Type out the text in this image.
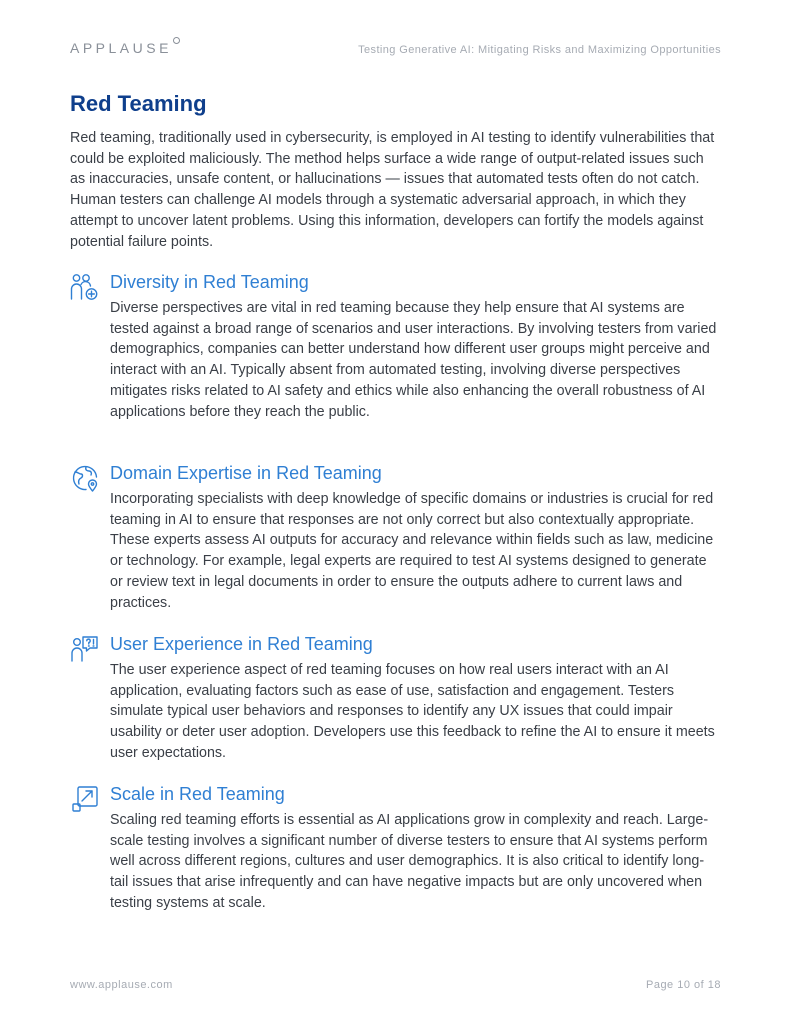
APPLAUSE	Testing Generative AI: Mitigating Risks and Maximizing Opportunities
Red Teaming

Red teaming, traditionally used in cybersecurity, is employed in AI testing to identify vulnerabilities that could be exploited maliciously. The method helps surface a wide range of output-related issues such as inaccuracies, unsafe content, or hallucinations — issues that automated tests often do not catch. Human testers can challenge AI models through a systematic adversarial approach, in which they attempt to uncover latent problems. Using this information, developers can fortify the models against potential failure points.

Diversity in Red Teaming

Diverse perspectives are vital in red teaming because they help ensure that AI systems are tested against a broad range of scenarios and user interactions. By involving testers from varied demographics, companies can better understand how different user groups might perceive and interact with an AI. Typically absent from automated testing, involving diverse perspectives mitigates risks related to AI safety and ethics while also enhancing the overall robustness of AI applications before they reach the public.

Domain Expertise in Red Teaming

Incorporating specialists with deep knowledge of specific domains or industries is crucial for red teaming in AI to ensure that responses are not only correct but also contextually appropriate. These experts assess AI outputs for accuracy and relevance within fields such as law, medicine or technology. For example, legal experts are required to test AI systems designed to generate or review text in legal documents in order to ensure the outputs adhere to current laws and practices.

User Experience in Red Teaming

The user experience aspect of red teaming focuses on how real users interact with an AI application, evaluating factors such as ease of use, satisfaction and engagement. Testers simulate typical user behaviors and responses to identify any UX issues that could impair usability or deter user adoption. Developers use this feedback to refine the AI to ensure it meets user expectations.

Scale in Red Teaming

Scaling red teaming efforts is essential as AI applications grow in complexity and reach. Large-scale testing involves a significant number of diverse testers to ensure that AI systems perform well across different regions, cultures and user demographics. It is also critical to identify long-tail issues that arise infrequently and can have negative impacts but are only uncovered when testing systems at scale.

www.applause.com	Page 10 of 18
